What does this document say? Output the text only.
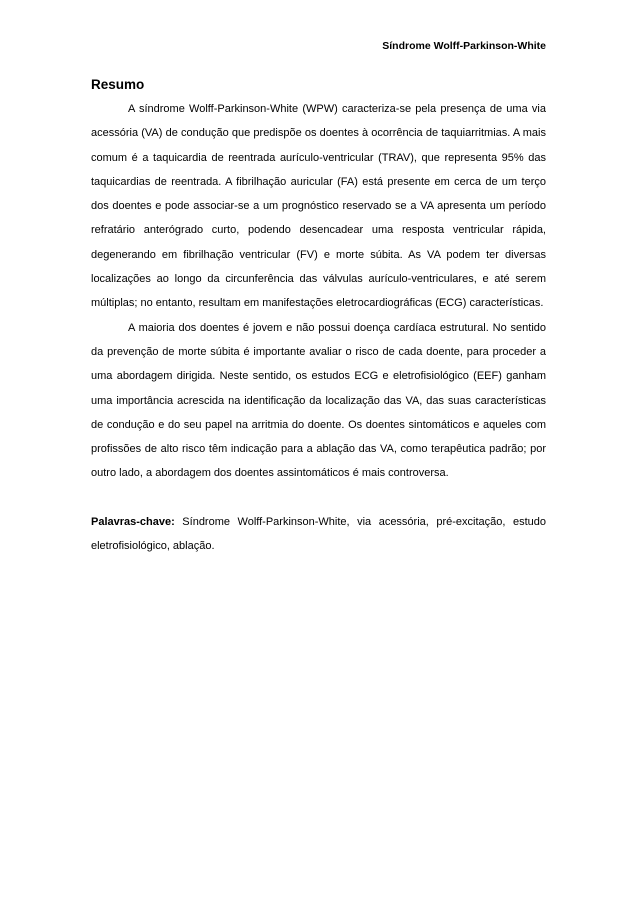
Síndrome Wolff-Parkinson-White
Resumo

A síndrome Wolff-Parkinson-White (WPW) caracteriza-se pela presença de uma via acessória (VA) de condução que predispõe os doentes à ocorrência de taquiarritmias. A mais comum é a taquicardia de reentrada aurículo-ventricular (TRAV), que representa 95% das taquicardias de reentrada. A fibrilhação auricular (FA) está presente em cerca de um terço dos doentes e pode associar-se a um prognóstico reservado se a VA apresenta um período refratário anterógrado curto, podendo desencadear uma resposta ventricular rápida, degenerando em fibrilhação ventricular (FV) e morte súbita. As VA podem ter diversas localizações ao longo da circunferência das válvulas aurículo-ventriculares, e até serem múltiplas; no entanto, resultam em manifestações eletrocardiográficas (ECG) características.

A maioria dos doentes é jovem e não possui doença cardíaca estrutural. No sentido da prevenção de morte súbita é importante avaliar o risco de cada doente, para proceder a uma abordagem dirigida. Neste sentido, os estudos ECG e eletrofisiológico (EEF) ganham uma importância acrescida na identificação da localização das VA, das suas características de condução e do seu papel na arritmia do doente. Os doentes sintomáticos e aqueles com profissões de alto risco têm indicação para a ablação das VA, como terapêutica padrão; por outro lado, a abordagem dos doentes assintomáticos é mais controversa.

Palavras-chave: Síndrome Wolff-Parkinson-White, via acessória, pré-excitação, estudo eletrofisiológico, ablação.
